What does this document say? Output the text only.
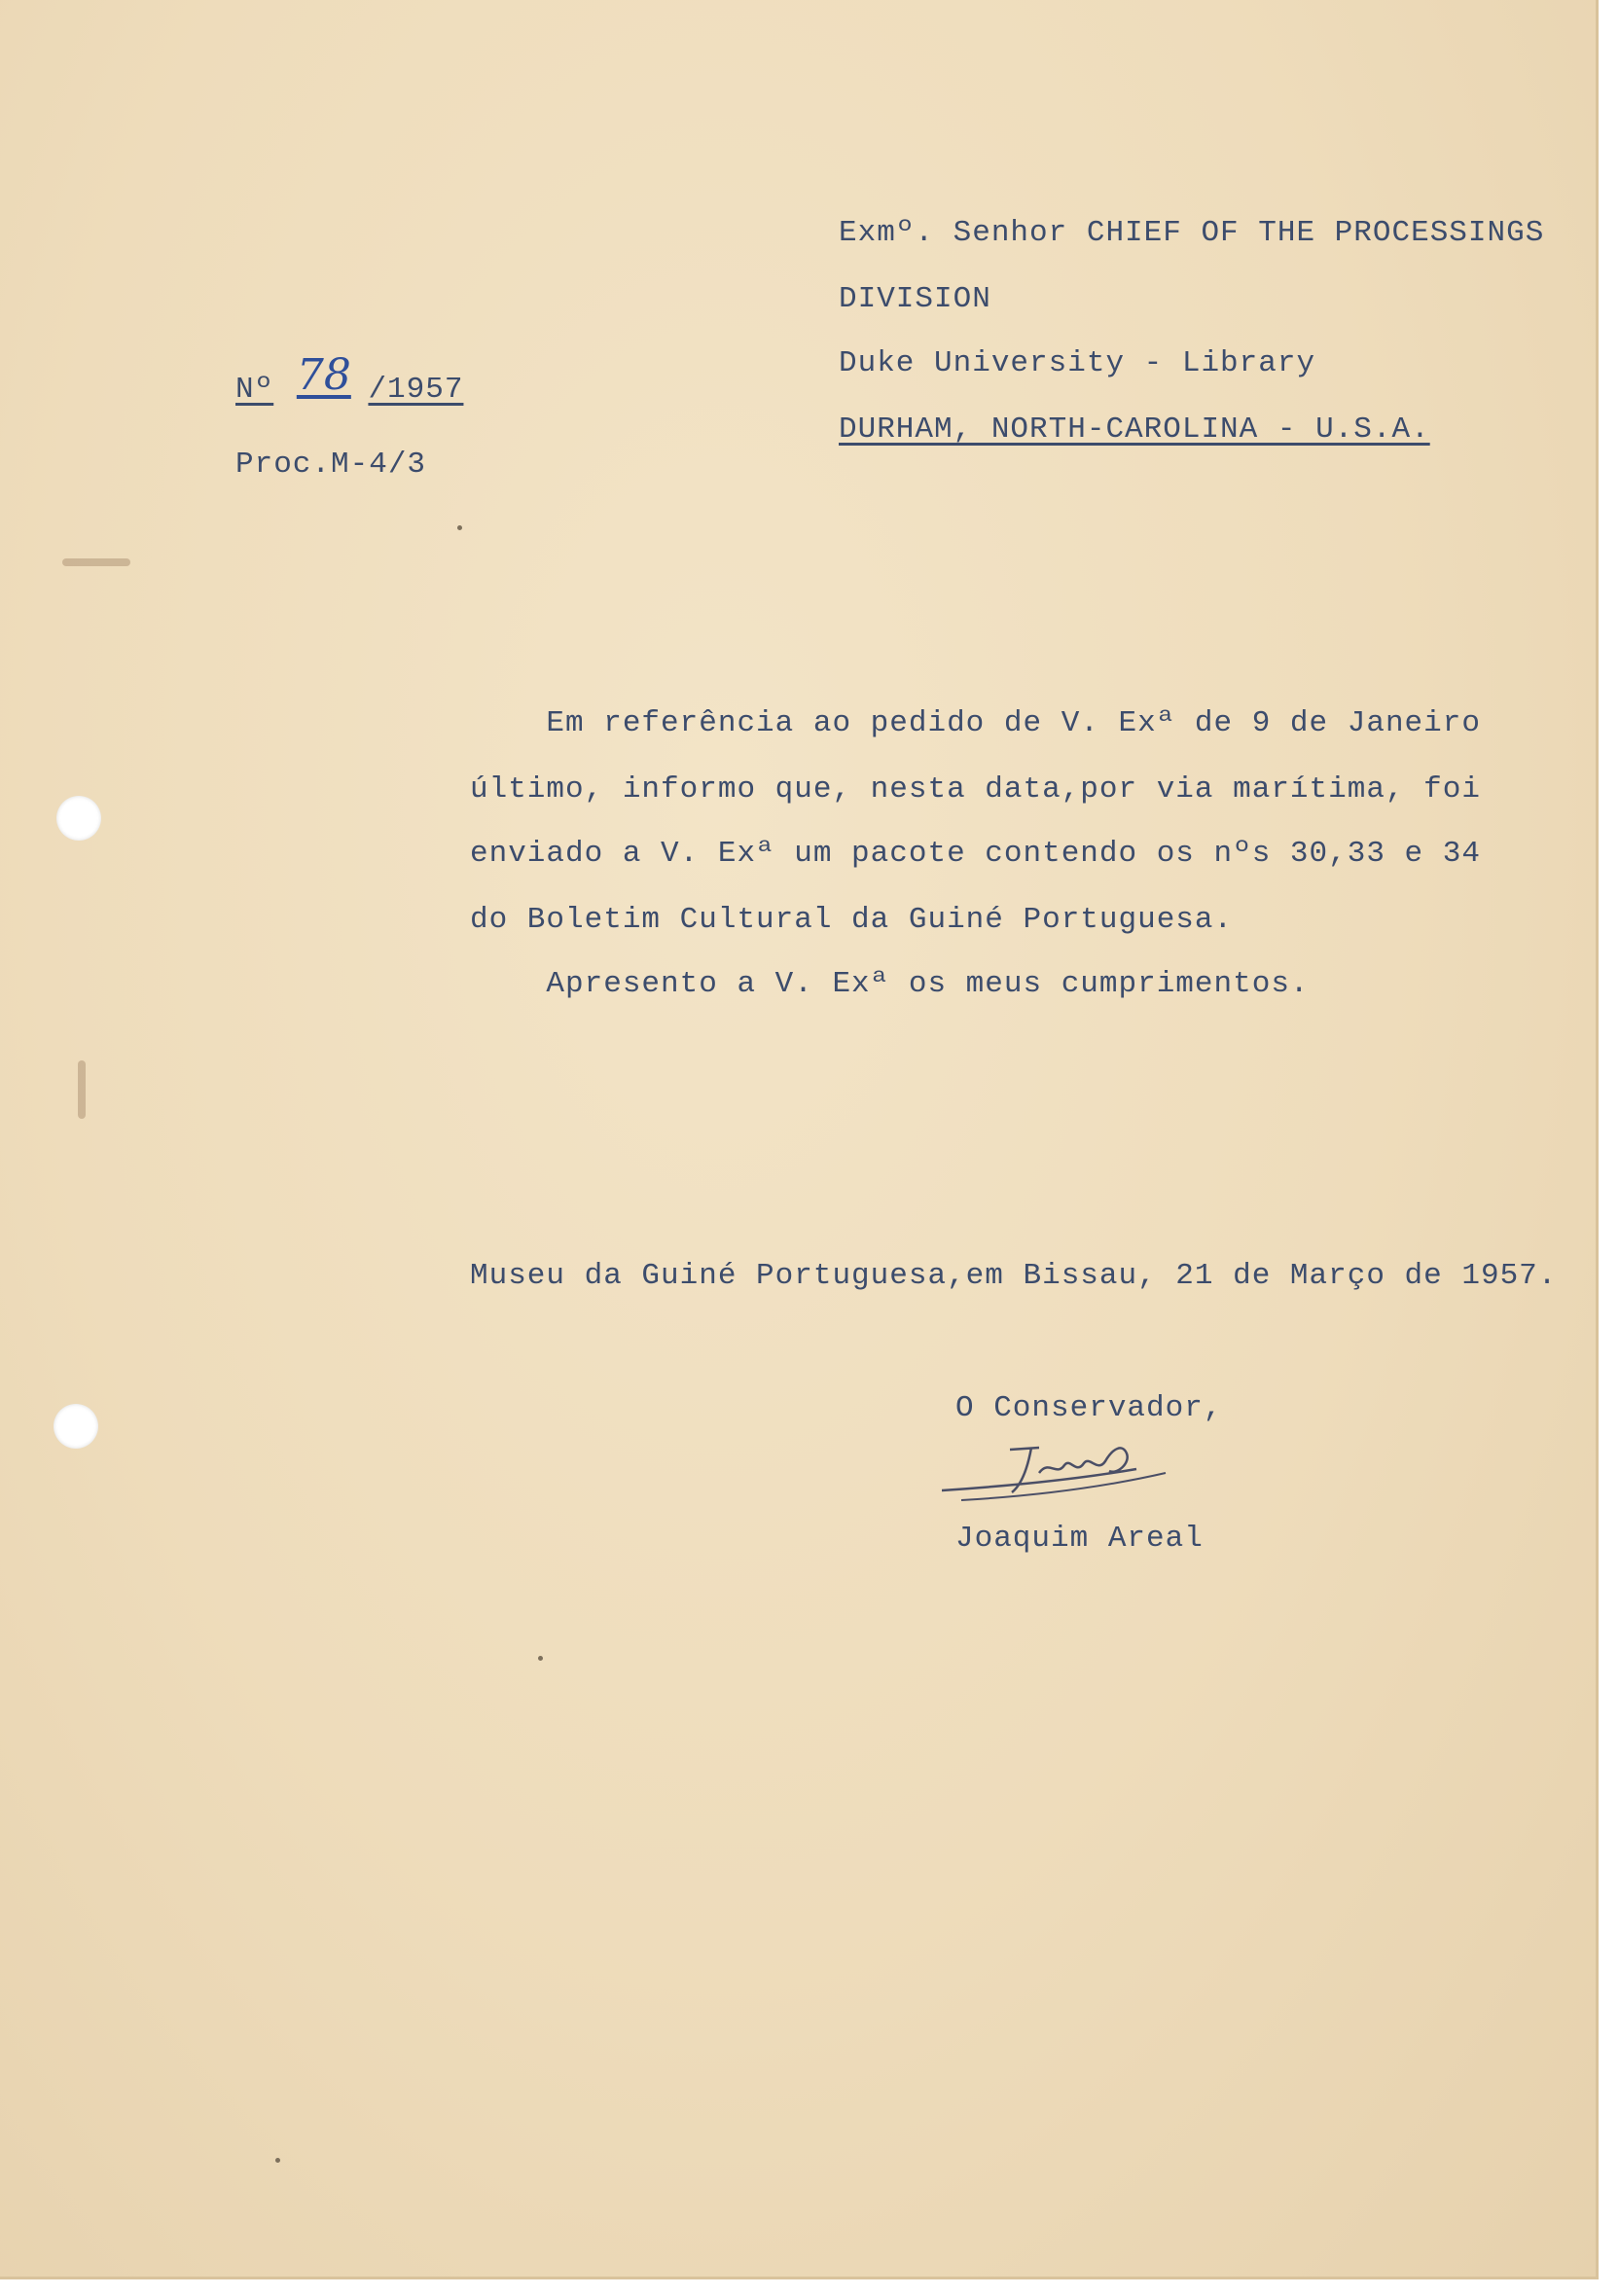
Exmº. Senhor CHIEF OF THE PROCESSINGS
DIVISION
Duke University - Library
DURHAM, NORTH-CAROLINA - U.S.A.
Nº 78 /1957
Proc.M-4/3
Em referência ao pedido de V. Exª de 9 de Janeiro
último, informo que, nesta data,por via marítima, foi
enviado a V. Exª um pacote contendo os nºs 30,33 e 34
do Boletim Cultural da Guiné Portuguesa.
Apresento a V. Exª os meus cumprimentos.
Museu da Guiné Portuguesa,em Bissau, 21 de Março de 1957.
O Conservador,
Joaquim Areal
